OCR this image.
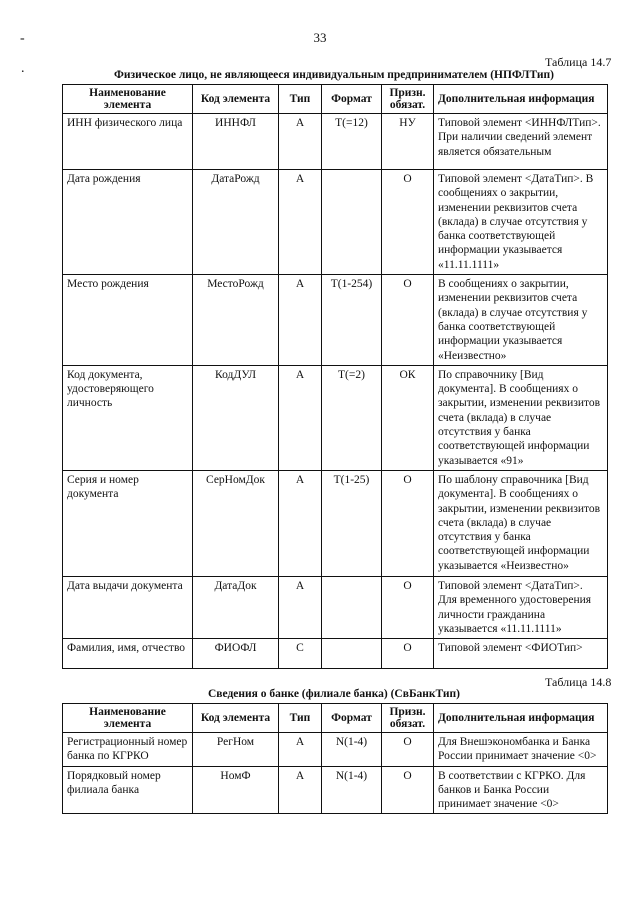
-
.
33
Таблица 14.7
Физическое лицо, не являющееся индивидуальным предпринимателем (НПФЛТип)
Наименование элемента	Код элемента	Тип	Формат	Призн. обязат.	Дополнительная информация
ИНН физического лица	ИННФЛ	А	T(=12)	НУ	Типовой элемент <ИННФЛТип>. При наличии сведений элемент является обязательным
Дата рождения	ДатаРожд	А		О	Типовой элемент <ДатаТип>. В сообщениях о закрытии, изменении реквизитов счета (вклада) в случае отсутствия у банка соответствующей информации указывается «11.11.1111»
Место рождения	МестоРожд	А	T(1-254)	О	В сообщениях о закрытии, изменении реквизитов счета (вклада) в случае отсутствия у банка соответствующей информации указывается «Неизвестно»
Код документа, удостоверяющего личность	КодДУЛ	А	T(=2)	ОК	По справочнику [Вид документа]. В сообщениях о закрытии, изменении реквизитов счета (вклада) в случае отсутствия у банка соответствующей информации указывается «91»
Серия и номер документа	СерНомДок	А	T(1-25)	О	По шаблону справочника [Вид документа]. В сообщениях о закрытии, изменении реквизитов счета (вклада) в случае отсутствия у банка соответствующей информации указывается «Неизвестно»
Дата выдачи документа	ДатаДок	А		О	Типовой элемент <ДатаТип>. Для временного удостоверения личности гражданина указывается «11.11.1111»
Фамилия, имя, отчество	ФИОФЛ	С		О	Типовой элемент <ФИОТип>
Таблица 14.8
Сведения о банке (филиале банка) (СвБанкТип)
Наименование элемента	Код элемента	Тип	Формат	Призн. обязат.	Дополнительная информация
Регистрационный номер банка по КГРКО	РегНом	А	N(1-4)	О	Для Внешэкономбанка и Банка России принимает значение <0>
Порядковый номер филиала банка	НомФ	А	N(1-4)	О	В соответствии с КГРКО. Для банков и Банка России принимает значение <0>
